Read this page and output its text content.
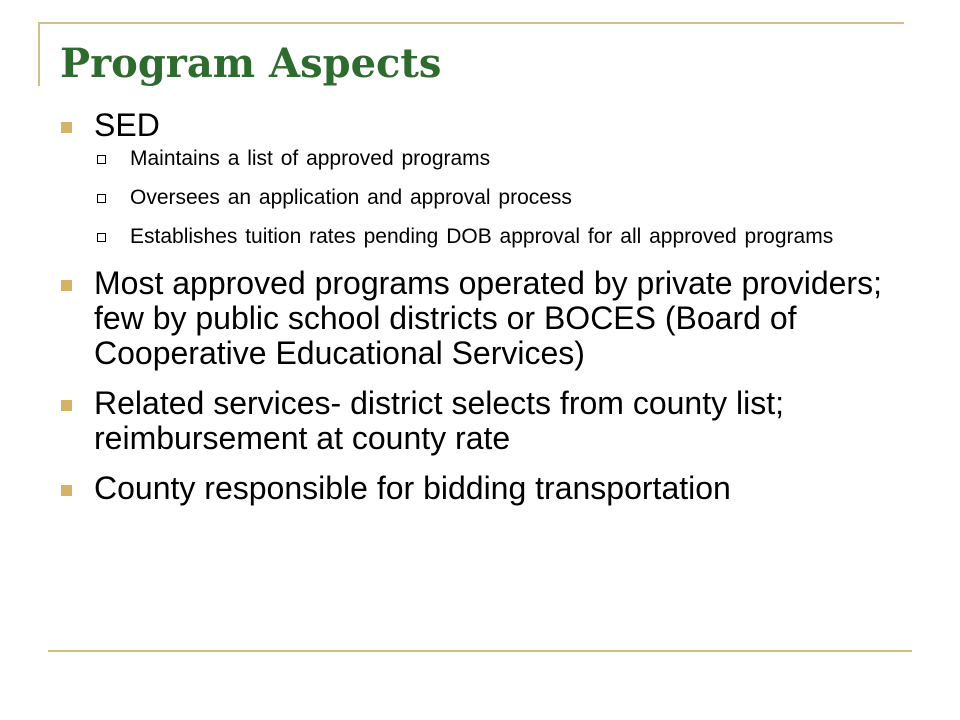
Program Aspects
SED
Maintains a list of approved programs
Oversees an application and approval process
Establishes tuition rates pending DOB approval for all approved programs
Most approved programs operated by private providers; few by public school districts or BOCES (Board of Cooperative Educational Services)
Related services- district selects from county list; reimbursement at county rate
County responsible for bidding transportation
